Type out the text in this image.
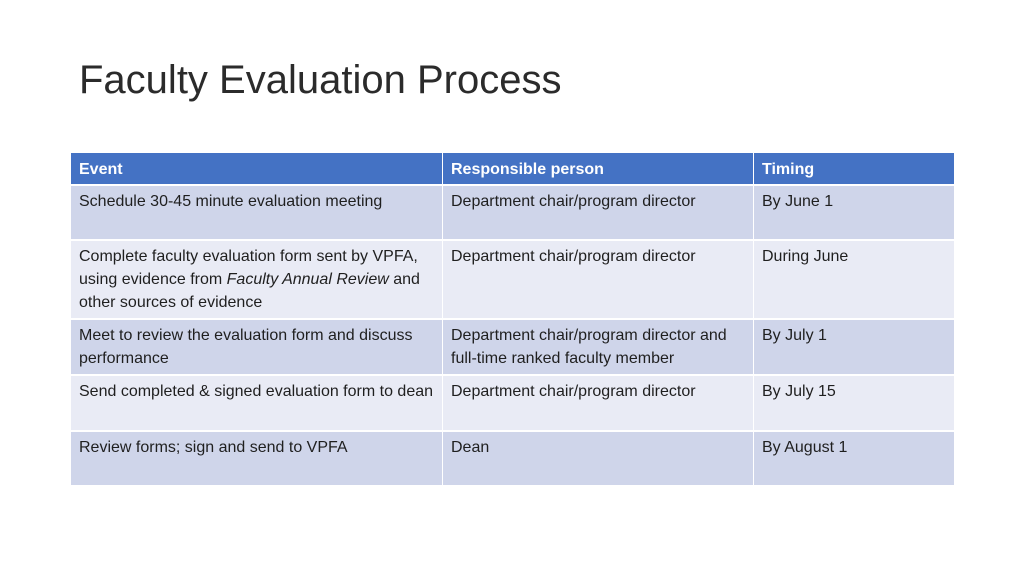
Faculty Evaluation Process
Event	Responsible person	Timing
Schedule 30-45 minute evaluation meeting	Department chair/program director	By June 1
Complete faculty evaluation form sent by VPFA, using evidence from Faculty Annual Review and other sources of evidence	Department chair/program director	During June
Meet to review the evaluation form and discuss performance	Department chair/program director and full-time ranked faculty member	By July 1
Send completed & signed evaluation form to dean	Department chair/program director	By July 15
Review forms; sign and send to VPFA	Dean	By August 1
